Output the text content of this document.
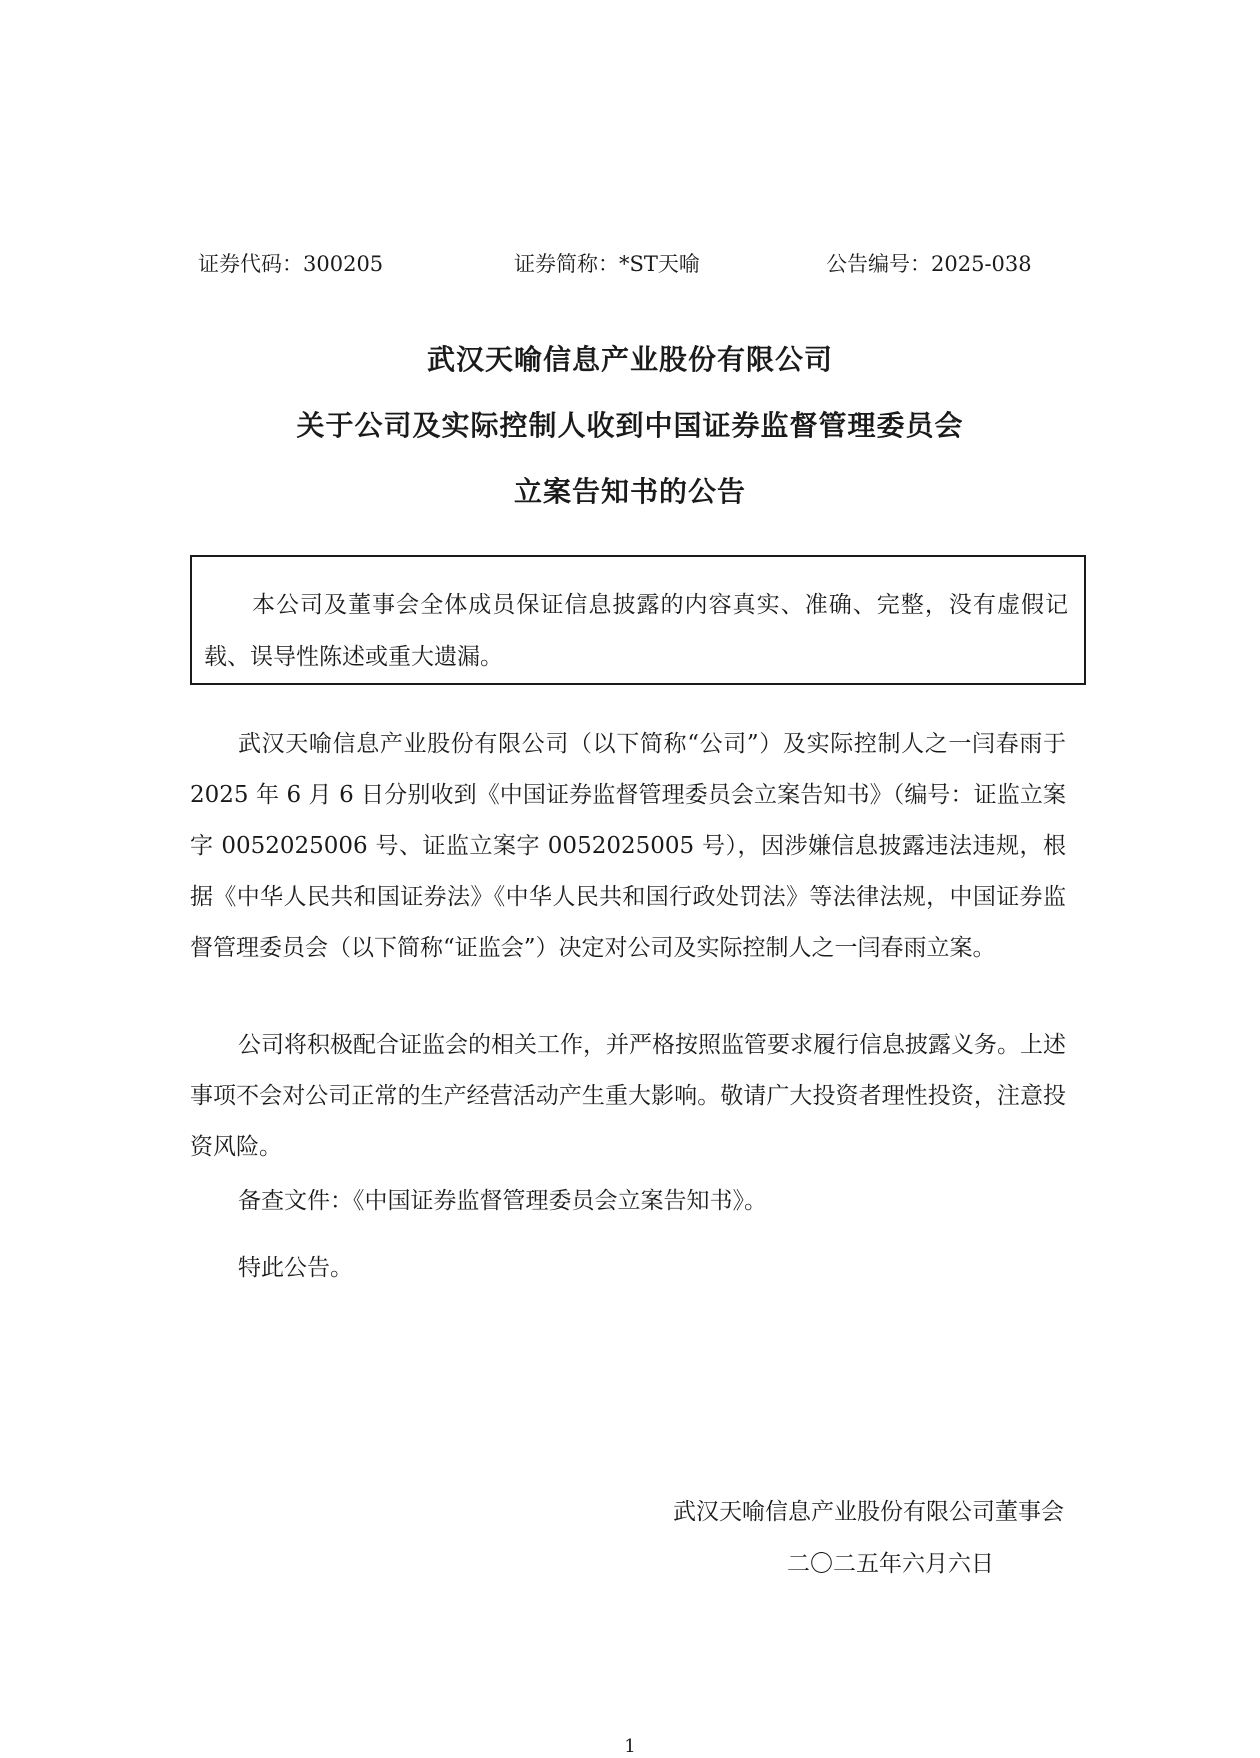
证券代码：300205	证券简称：*ST天喻	公告编号：2025-038
武汉天喻信息产业股份有限公司
关于公司及实际控制人收到中国证券监督管理委员会
立案告知书的公告
本公司及董事会全体成员保证信息披露的内容真实、准确、完整，没有虚假记载、误导性陈述或重大遗漏。
武汉天喻信息产业股份有限公司（以下简称“公司”）及实际控制人之一闫春雨于 2025 年 6 月 6 日分别收到《中国证券监督管理委员会立案告知书》（编号：证监立案字 0052025006 号、证监立案字 0052025005 号），因涉嫌信息披露违法违规，根据《中华人民共和国证券法》《中华人民共和国行政处罚法》等法律法规，中国证券监督管理委员会（以下简称“证监会”）决定对公司及实际控制人之一闫春雨立案。
公司将积极配合证监会的相关工作，并严格按照监管要求履行信息披露义务。上述事项不会对公司正常的生产经营活动产生重大影响。敬请广大投资者理性投资，注意投资风险。
备查文件：《中国证券监督管理委员会立案告知书》。
特此公告。
武汉天喻信息产业股份有限公司董事会
二〇二五年六月六日
1
